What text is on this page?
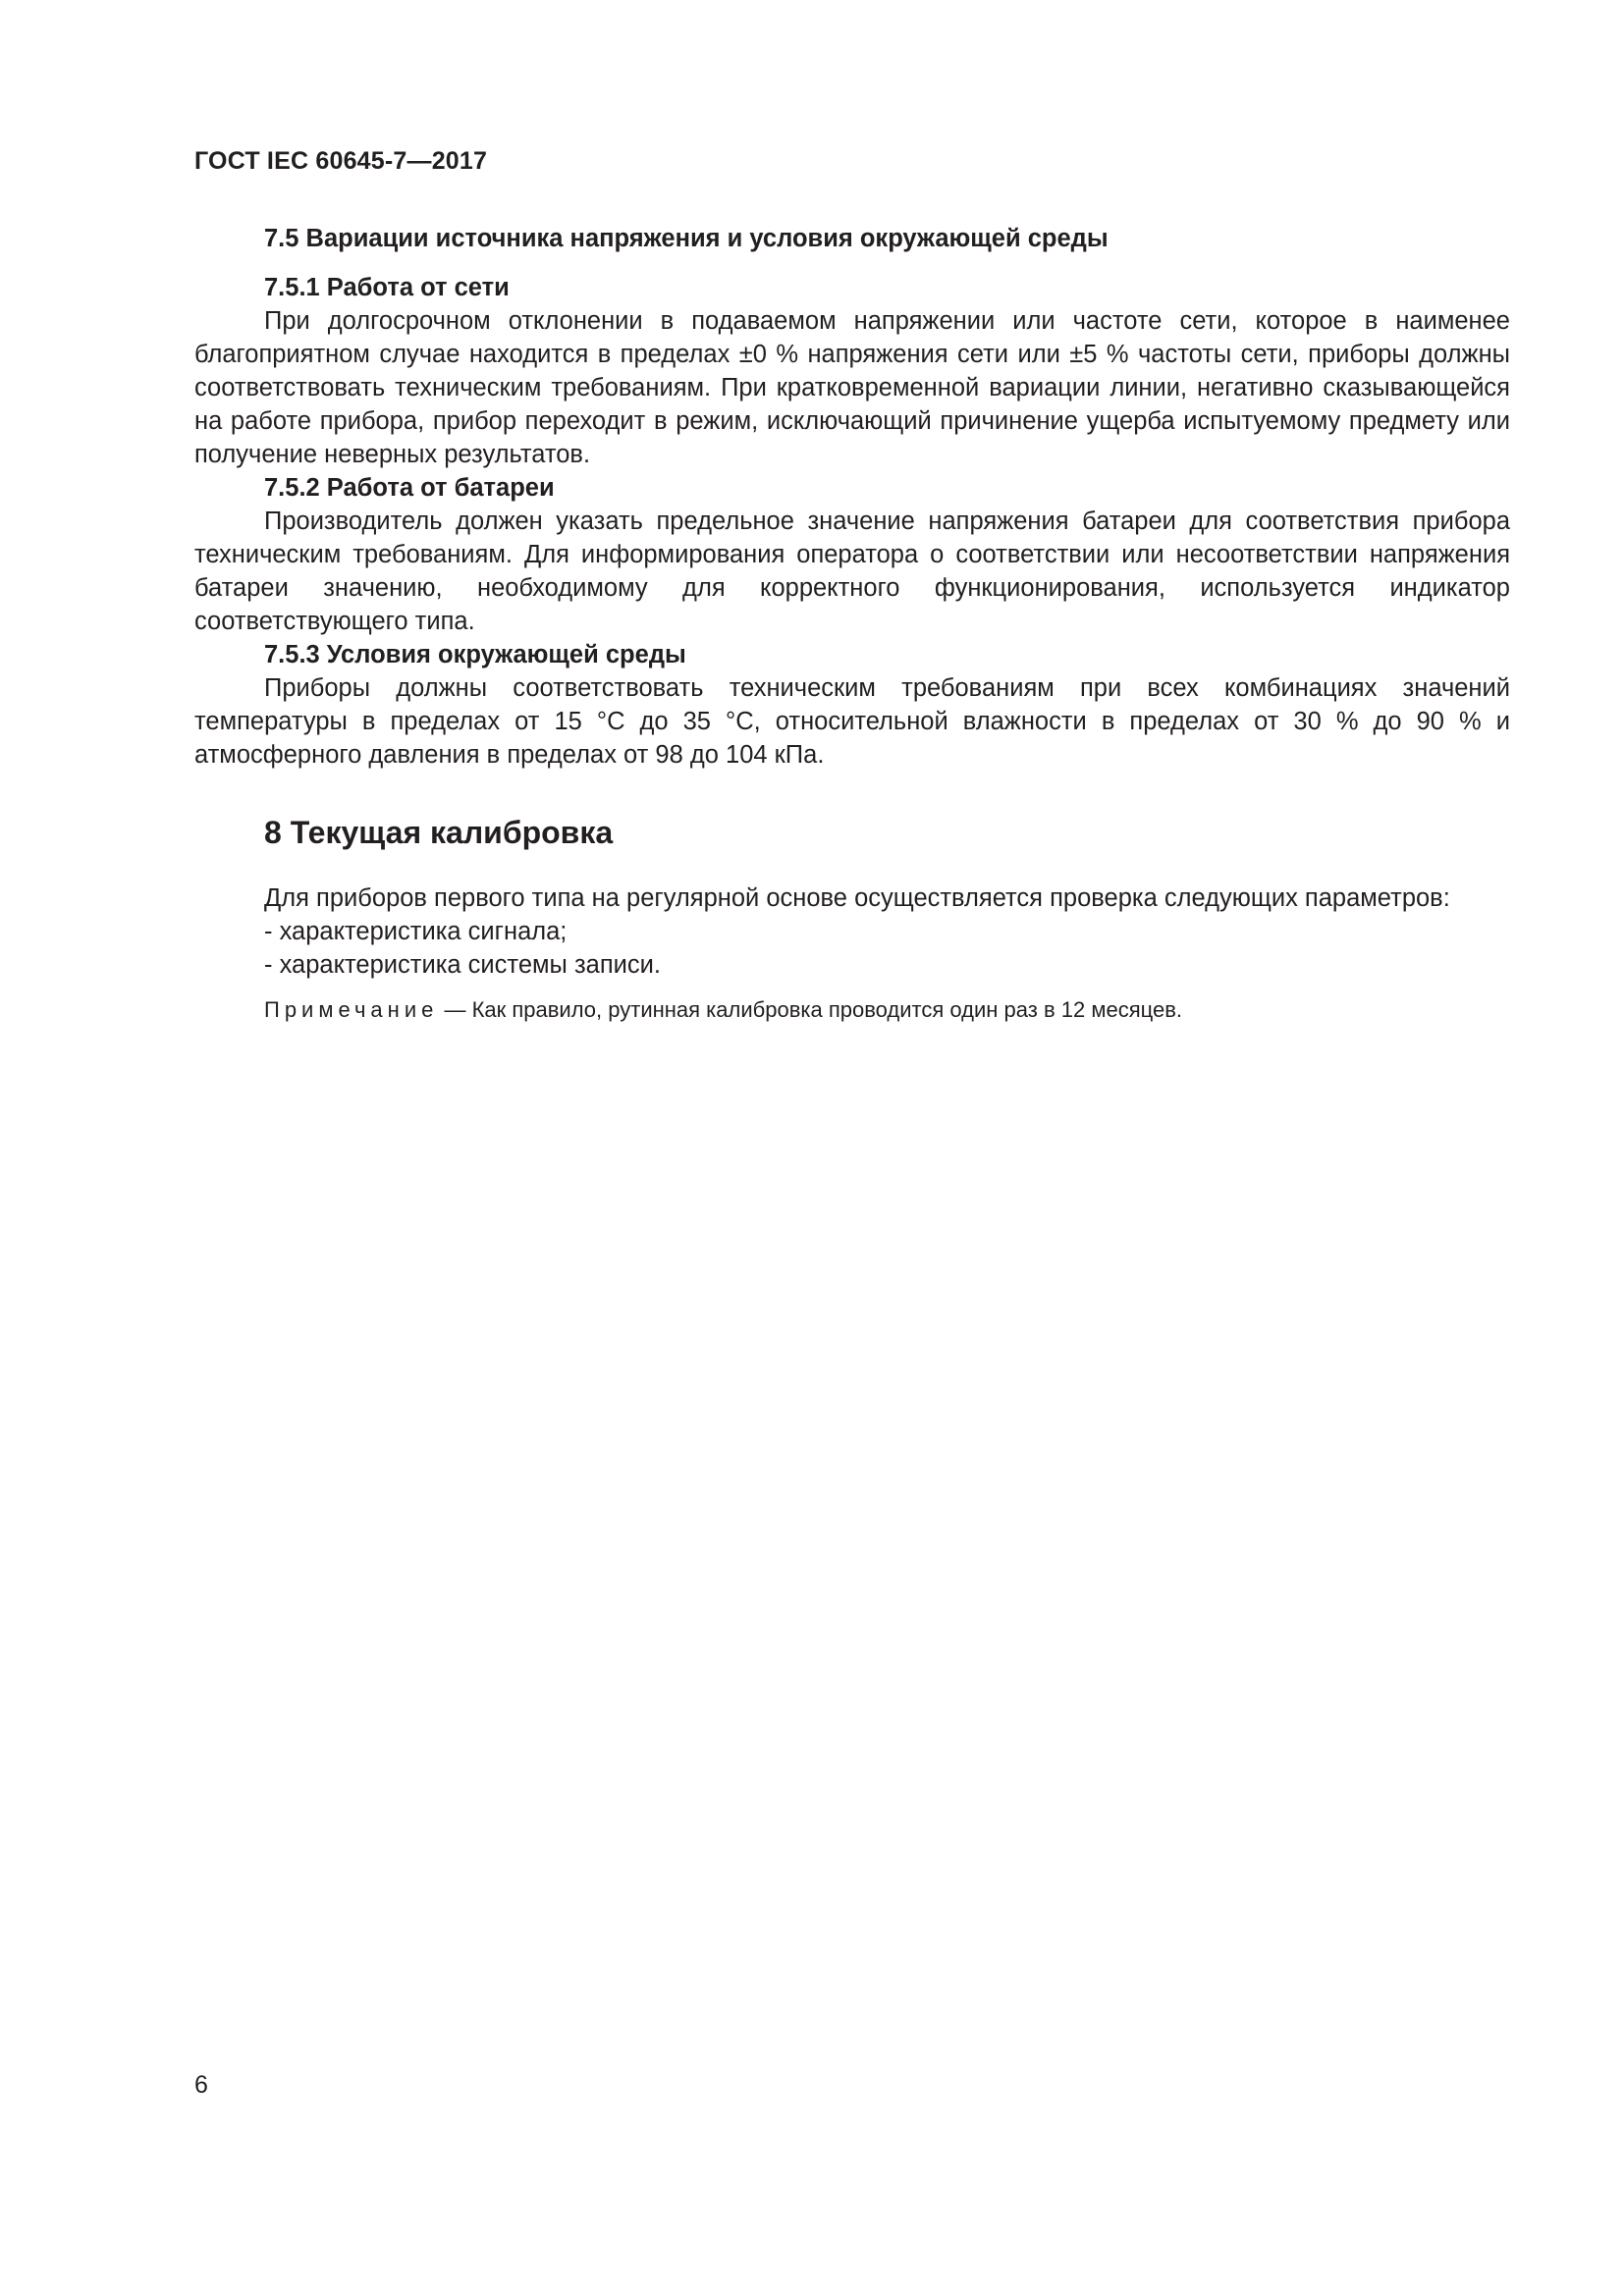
ГОСТ IEC 60645-7—2017
7.5 Вариации источника напряжения и условия окружающей среды
7.5.1 Работа от сети

При долгосрочном отклонении в подаваемом напряжении или частоте сети, которое в наименее благоприятном случае находится в пределах ±0 % напряжения сети или ±5 % частоты сети, приборы должны соответствовать техническим требованиям. При кратковременной вариации линии, негативно сказывающейся на работе прибора, прибор переходит в режим, исключающий причинение ущерба испытуемому предмету или получение неверных результатов.

7.5.2 Работа от батареи

Производитель должен указать предельное значение напряжения батареи для соответствия прибора техническим требованиям. Для информирования оператора о соответствии или несоответствии напряжения батареи значению, необходимому для корректного функционирования, используется индикатор соответствующего типа.

7.5.3 Условия окружающей среды

Приборы должны соответствовать техническим требованиям при всех комбинациях значений температуры в пределах от 15 °С до 35 °С, относительной влажности в пределах от 30 % до 90 % и атмосферного давления в пределах от 98 до 104 кПа.

8 Текущая калибровка

Для приборов первого типа на регулярной основе осуществляется проверка следующих параметров:

- характеристика сигнала;
- характеристика системы записи.
Примечание — Как правило, рутинная калибровка проводится один раз в 12 месяцев.
6
